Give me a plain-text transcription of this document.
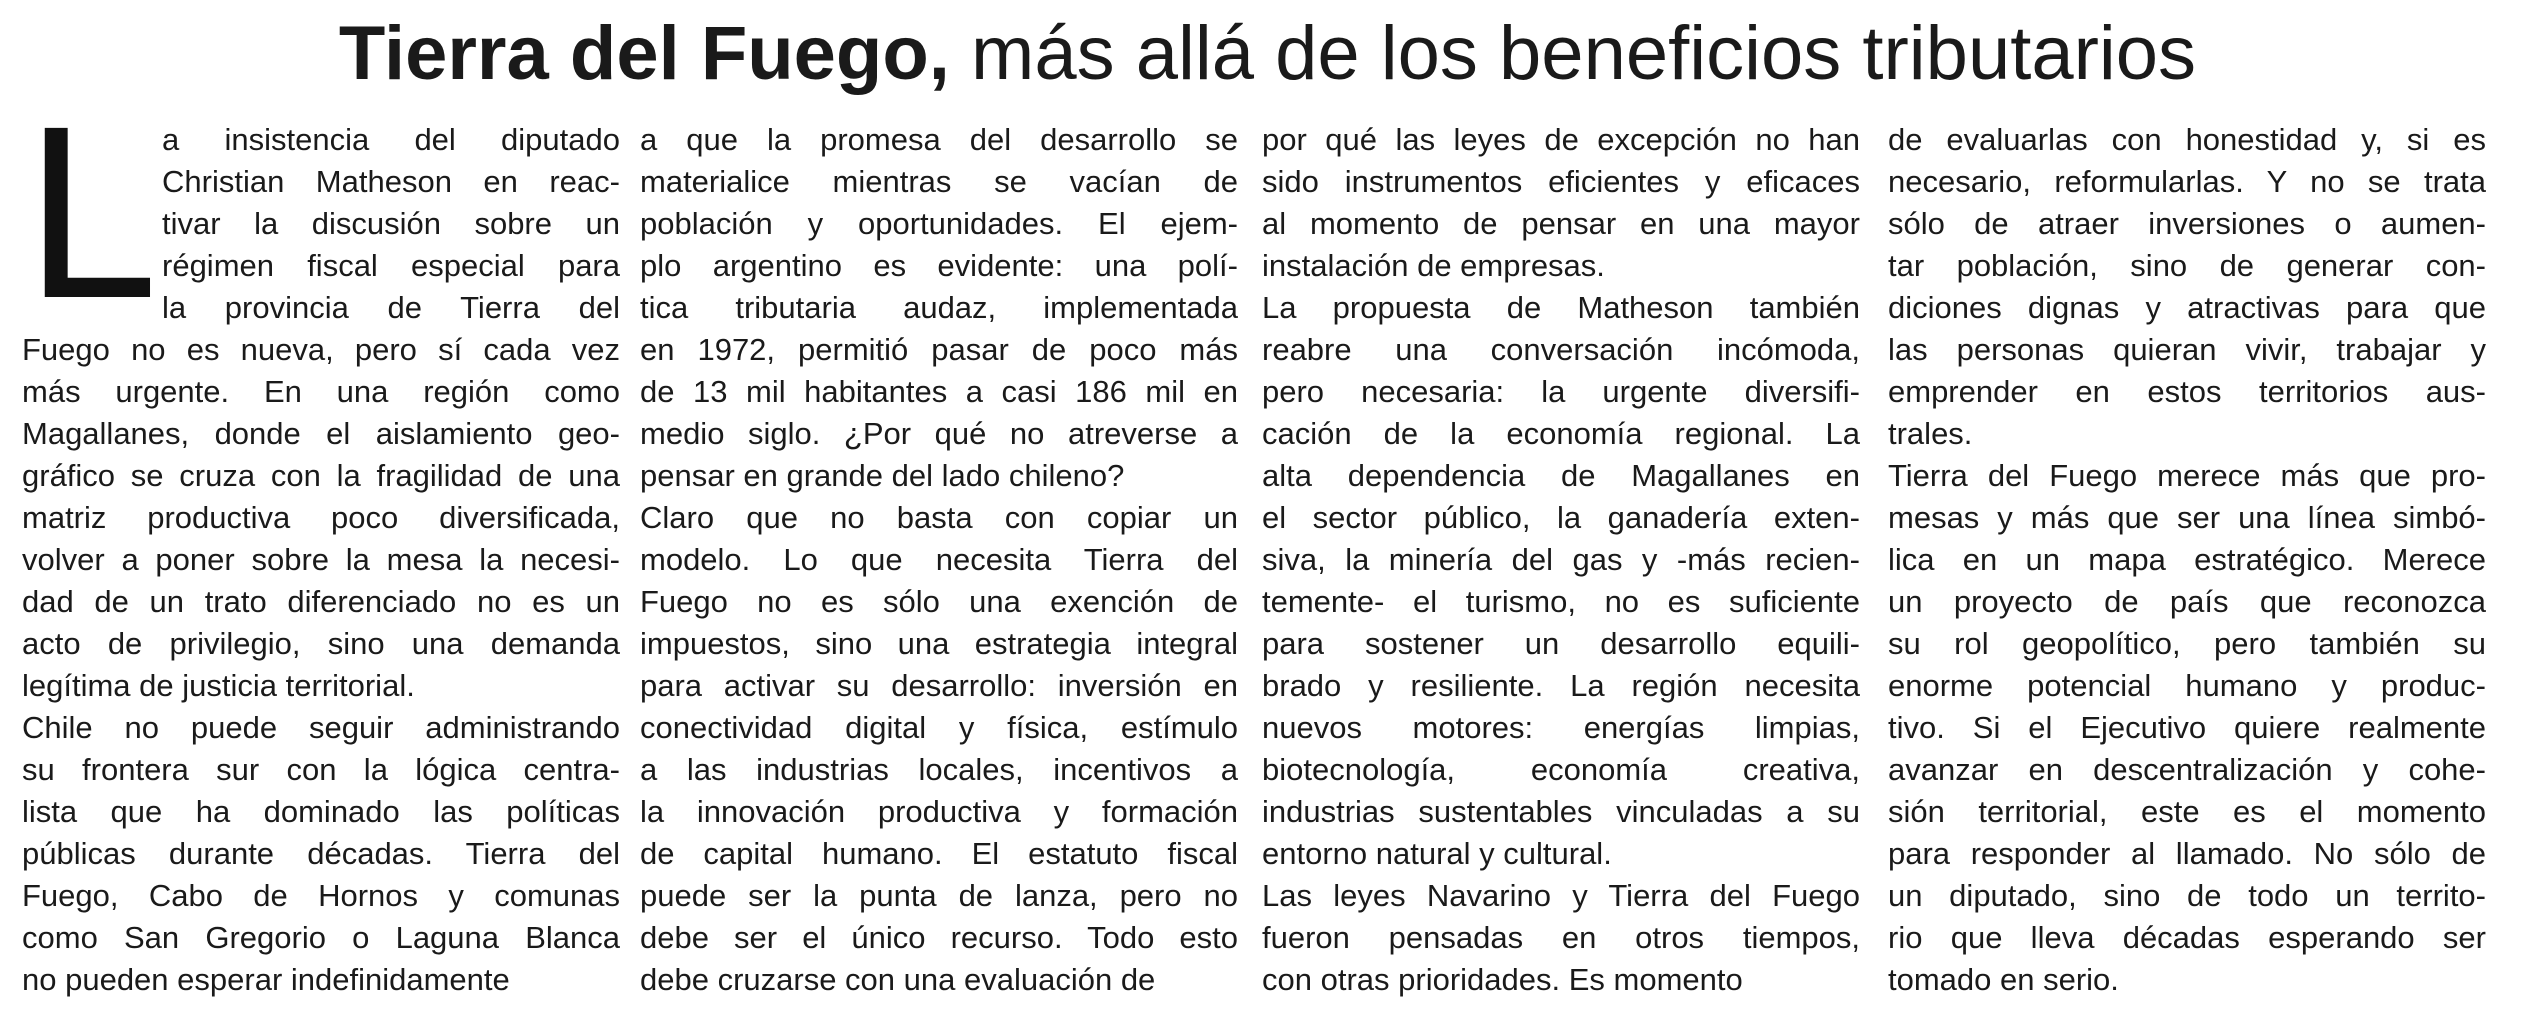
Tierra del Fuego, más allá de los beneficios tributarios
L a insistencia del diputado
Christian Matheson en reac-
tivar la discusión sobre un
régimen fiscal especial para
la provincia de Tierra del
Fuego no es nueva, pero sí cada vez
más urgente. En una región como
Magallanes, donde el aislamiento geo-
gráfico se cruza con la fragilidad de una
matriz productiva poco diversificada,
volver a poner sobre la mesa la necesi-
dad de un trato diferenciado no es un
acto de privilegio, sino una demanda
legítima de justicia territorial.
Chile no puede seguir administrando
su frontera sur con la lógica centra-
lista que ha dominado las políticas
públicas durante décadas. Tierra del
Fuego, Cabo de Hornos y comunas
como San Gregorio o Laguna Blanca
no pueden esperar indefinidamente
a que la promesa del desarrollo se
materialice mientras se vacían de
población y oportunidades. El ejem-
plo argentino es evidente: una polí-
tica tributaria audaz, implementada
en 1972, permitió pasar de poco más
de 13 mil habitantes a casi 186 mil en
medio siglo. ¿Por qué no atreverse a
pensar en grande del lado chileno?
Claro que no basta con copiar un
modelo. Lo que necesita Tierra del
Fuego no es sólo una exención de
impuestos, sino una estrategia integral
para activar su desarrollo: inversión en
conectividad digital y física, estímulo
a las industrias locales, incentivos a
la innovación productiva y formación
de capital humano. El estatuto fiscal
puede ser la punta de lanza, pero no
debe ser el único recurso. Todo esto
debe cruzarse con una evaluación de
por qué las leyes de excepción no han
sido instrumentos eficientes y eficaces
al momento de pensar en una mayor
instalación de empresas.
La propuesta de Matheson también
reabre una conversación incómoda,
pero necesaria: la urgente diversifi-
cación de la economía regional. La
alta dependencia de Magallanes en
el sector público, la ganadería exten-
siva, la minería del gas y -más recien-
temente- el turismo, no es suficiente
para sostener un desarrollo equili-
brado y resiliente. La región necesita
nuevos motores: energías limpias,
biotecnología, economía creativa,
industrias sustentables vinculadas a su
entorno natural y cultural.
Las leyes Navarino y Tierra del Fuego
fueron pensadas en otros tiempos,
con otras prioridades. Es momento
de evaluarlas con honestidad y, si es
necesario, reformularlas. Y no se trata
sólo de atraer inversiones o aumen-
tar población, sino de generar con-
diciones dignas y atractivas para que
las personas quieran vivir, trabajar y
emprender en estos territorios aus-
trales.
Tierra del Fuego merece más que pro-
mesas y más que ser una línea simbó-
lica en un mapa estratégico. Merece
un proyecto de país que reconozca
su rol geopolítico, pero también su
enorme potencial humano y produc-
tivo. Si el Ejecutivo quiere realmente
avanzar en descentralización y cohe-
sión territorial, este es el momento
para responder al llamado. No sólo de
un diputado, sino de todo un territo-
rio que lleva décadas esperando ser
tomado en serio.
